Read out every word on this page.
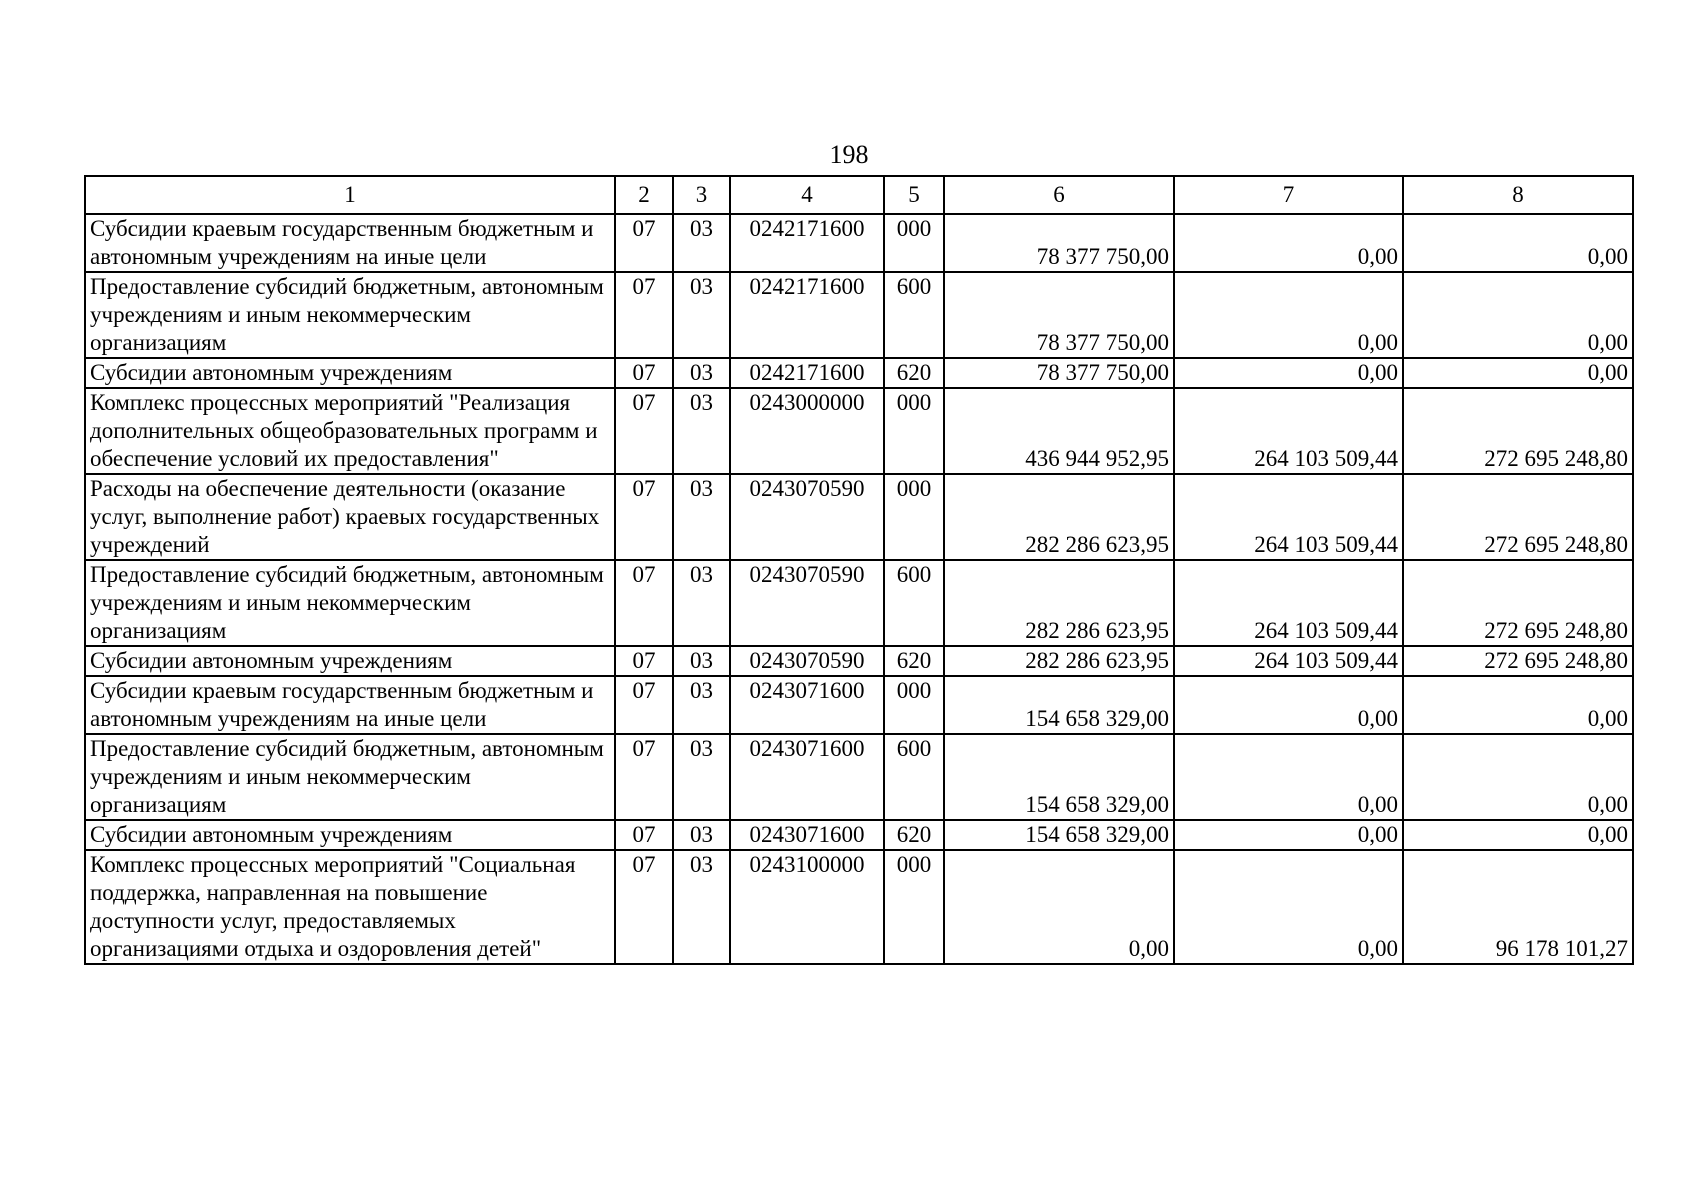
198
1	2	3	4	5	6	7	8
Субсидии краевым государственным бюджетным и автономным учреждениям на иные цели	07	03	0242171600	000	78 377 750,00	0,00	0,00
Предоставление субсидий бюджетным, автономным учреждениям и иным некоммерческим организациям	07	03	0242171600	600	78 377 750,00	0,00	0,00
Субсидии автономным учреждениям	07	03	0242171600	620	78 377 750,00	0,00	0,00
Комплекс процессных мероприятий "Реализация дополнительных общеобразовательных программ и обеспечение условий их предоставления"	07	03	0243000000	000	436 944 952,95	264 103 509,44	272 695 248,80
Расходы на обеспечение деятельности (оказание услуг, выполнение работ) краевых государственных учреждений	07	03	0243070590	000	282 286 623,95	264 103 509,44	272 695 248,80
Предоставление субсидий бюджетным, автономным учреждениям и иным некоммерческим организациям	07	03	0243070590	600	282 286 623,95	264 103 509,44	272 695 248,80
Субсидии автономным учреждениям	07	03	0243070590	620	282 286 623,95	264 103 509,44	272 695 248,80
Субсидии краевым государственным бюджетным и автономным учреждениям на иные цели	07	03	0243071600	000	154 658 329,00	0,00	0,00
Предоставление субсидий бюджетным, автономным учреждениям и иным некоммерческим организациям	07	03	0243071600	600	154 658 329,00	0,00	0,00
Субсидии автономным учреждениям	07	03	0243071600	620	154 658 329,00	0,00	0,00
Комплекс процессных мероприятий "Социальная поддержка, направленная на повышение доступности услуг, предоставляемых организациями отдыха и оздоровления детей"	07	03	0243100000	000	0,00	0,00	96 178 101,27
